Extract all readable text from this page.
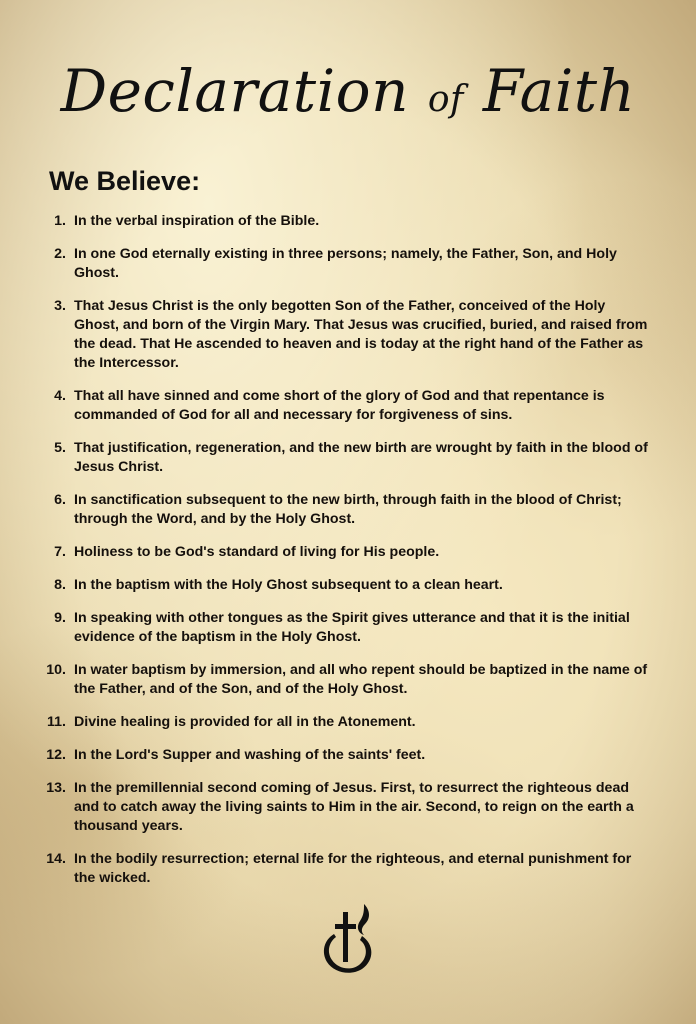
Declaration of Faith
We Believe:
1. In the verbal inspiration of the Bible.
2. In one God eternally existing in three persons; namely, the Father, Son, and Holy Ghost.
3. That Jesus Christ is the only begotten Son of the Father, conceived of the Holy Ghost, and born of the Virgin Mary. That Jesus was crucified, buried, and raised from the dead. That He ascended to heaven and is today at the right hand of the Father as the Intercessor.
4. That all have sinned and come short of the glory of God and that repentance is commanded of God for all and necessary for forgiveness of sins.
5. That justification, regeneration, and the new birth are wrought by faith in the blood of Jesus Christ.
6. In sanctification subsequent to the new birth, through faith in the blood of Christ; through the Word, and by the Holy Ghost.
7. Holiness to be God's standard of living for His people.
8. In the baptism with the Holy Ghost subsequent to a clean heart.
9. In speaking with other tongues as the Spirit gives utterance and that it is the initial evidence of the baptism in the Holy Ghost.
10. In water baptism by immersion, and all who repent should be baptized in the name of the Father, and of the Son, and of the Holy Ghost.
11. Divine healing is provided for all in the Atonement.
12. In the Lord's Supper and washing of the saints' feet.
13. In the premillennial second coming of Jesus. First, to resurrect the righteous dead and to catch away the living saints to Him in the air. Second, to reign on the earth a thousand years.
14. In the bodily resurrection; eternal life for the righteous, and eternal punishment for the wicked.
